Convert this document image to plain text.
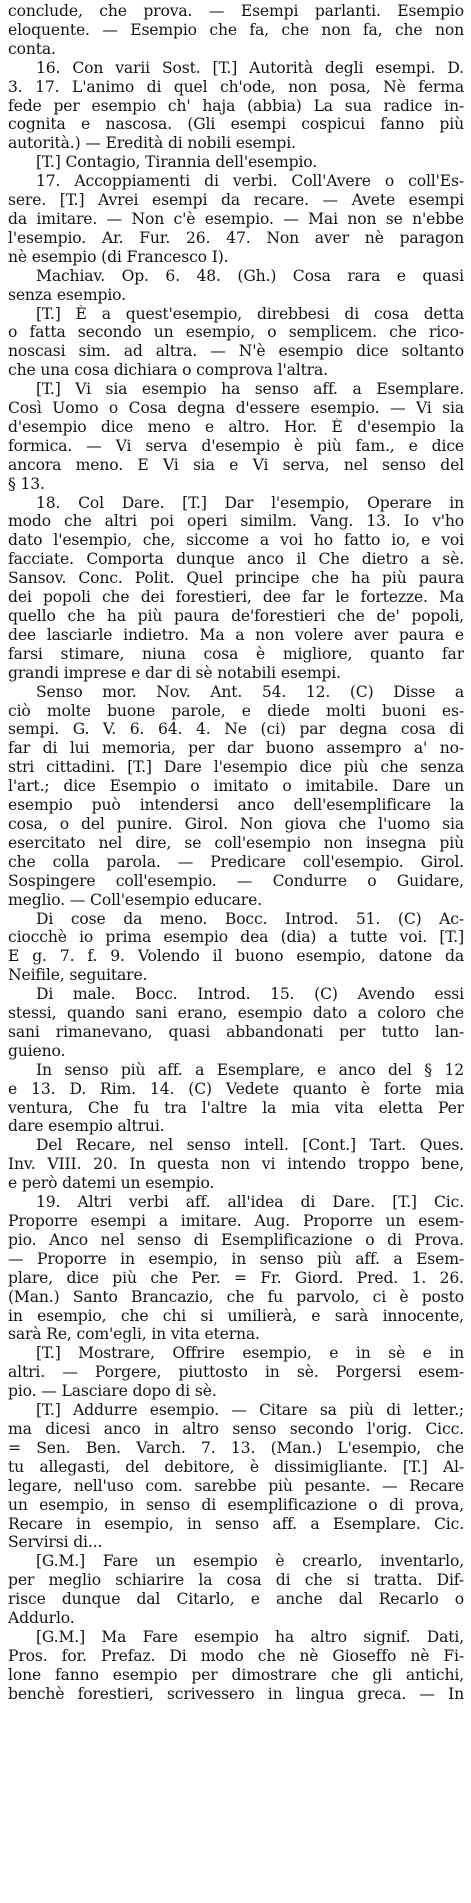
conclude, che prova. — Esempi parlanti. Esempio
eloquente. — Esempio che fa, che non fa, che non
conta.
16. Con varii Sost. [T.] Autorità degli esempi. D.
3. 17. L'animo di quel ch'ode, non posa, Nè ferma
fede per esempio ch' haja (abbia) La sua radice in-
cognita e nascosa. (Gli esempi cospicui fanno più
autorità.) — Eredità di nobili esempi.
[T.] Contagio, Tirannia dell'esempio.
17. Accoppiamenti di verbi. Coll'Avere o coll'Es-
sere. [T.] Avrei esempi da recare. — Avete esempi
da imitare. — Non c'è esempio. — Mai non se n'ebbe
l'esempio. Ar. Fur. 26. 47. Non aver nè paragon
nè esempio (di Francesco I).
Machiav. Op. 6. 48. (Gh.) Cosa rara e quasi
senza esempio.
[T.] È a quest'esempio, direbbesi di cosa detta
o fatta secondo un esempio, o semplicem. che rico-
noscasi sim. ad altra. — N'è esempio dice soltanto
che una cosa dichiara o comprova l'altra.
[T.] Vi sia esempio ha senso aff. a Esemplare.
Così Uomo o Cosa degna d'essere esempio. — Vi sia
d'esempio dice meno e altro. Hor. È d'esempio la
formica. — Vi serva d'esempio è più fam., e dice
ancora meno. E Vi sia e Vi serva, nel senso del
§ 13.
18. Col Dare. [T.] Dar l'esempio, Operare in
modo che altri poi operi similm. Vang. 13. Io v'ho
dato l'esempio, che, siccome a voi ho fatto io, e voi
facciate. Comporta dunque anco il Che dietro a sè.
Sansov. Conc. Polit. Quel principe che ha più paura
dei popoli che dei forestieri, dee far le fortezze. Ma
quello che ha più paura de'forestieri che de' popoli,
dee lasciarle indietro. Ma a non volere aver paura e
farsi stimare, niuna cosa è migliore, quanto far
grandi imprese e dar di sè notabili esempi.
Senso mor. Nov. Ant. 54. 12. (C) Disse a
ciò molte buone parole, e diede molti buoni es-
sempi. G. V. 6. 64. 4. Ne (ci) par degna cosa di
far di lui memoria, per dar buono assempro a' no-
stri cittadini. [T.] Dare l'esempio dice più che senza
l'art.; dice Esempio o imitato o imitabile. Dare un
esempio può intendersi anco dell'esemplificare la
cosa, o del punire. Girol. Non giova che l'uomo sia
esercitato nel dire, se coll'esempio non insegna più
che colla parola. — Predicare coll'esempio. Girol.
Sospingere coll'esempio. — Condurre o Guidare,
meglio. — Coll'esempio educare.
Di cose da meno. Bocc. Introd. 51. (C) Ac-
ciocchè io prima esempio dea (dia) a tutte voi. [T.]
E g. 7. f. 9. Volendo il buono esempio, datone da
Neifile, seguitare.
Di male. Bocc. Introd. 15. (C) Avendo essi
stessi, quando sani erano, esempio dato a coloro che
sani rimanevano, quasi abbandonati per tutto lan-
guieno.
In senso più aff. a Esemplare, e anco del § 12
e 13. D. Rim. 14. (C) Vedete quanto è forte mia
ventura, Che fu tra l'altre la mia vita eletta Per
dare esempio altrui.
Del Recare, nel senso intell. [Cont.] Tart. Ques.
Inv. VIII. 20. In questa non vi intendo troppo bene,
e però datemi un esempio.
19. Altri verbi aff. all'idea di Dare. [T.] Cic.
Proporre esempi a imitare. Aug. Proporre un esem-
pio. Anco nel senso di Esemplificazione o di Prova.
— Proporre in esempio, in senso più aff. a Esem-
plare, dice più che Per. = Fr. Giord. Pred. 1. 26.
(Man.) Santo Brancazio, che fu parvolo, ci è posto
in esempio, che chi si umilierà, e sarà innocente,
sarà Re, com'egli, in vita eterna.
[T.] Mostrare, Offrire esempio, e in sè e in
altri. — Porgere, piuttosto in sè. Porgersi esem-
pio. — Lasciare dopo di sè.
[T.] Addurre esempio. — Citare sa più di letter.;
ma dicesi anco in altro senso secondo l'orig. Cicc.
= Sen. Ben. Varch. 7. 13. (Man.) L'esempio, che
tu allegasti, del debitore, è dissimigliante. [T.] Al-
legare, nell'uso com. sarebbe più pesante. — Recare
un esempio, in senso di esemplificazione o di prova,
Recare in esempio, in senso aff. a Esemplare. Cic.
Servirsi di...
[G.M.] Fare un esempio è crearlo, inventarlo,
per meglio schiarire la cosa di che si tratta. Dif-
risce dunque dal Citarlo, e anche dal Recarlo o
Addurlo.
[G.M.] Ma Fare esempio ha altro signif. Dati,
Pros. for. Prefaz. Di modo che nè Gioseffo nè Fi-
lone fanno esempio per dimostrare che gli antichi,
benchè forestieri, scrivessero in lingua greca. — In
